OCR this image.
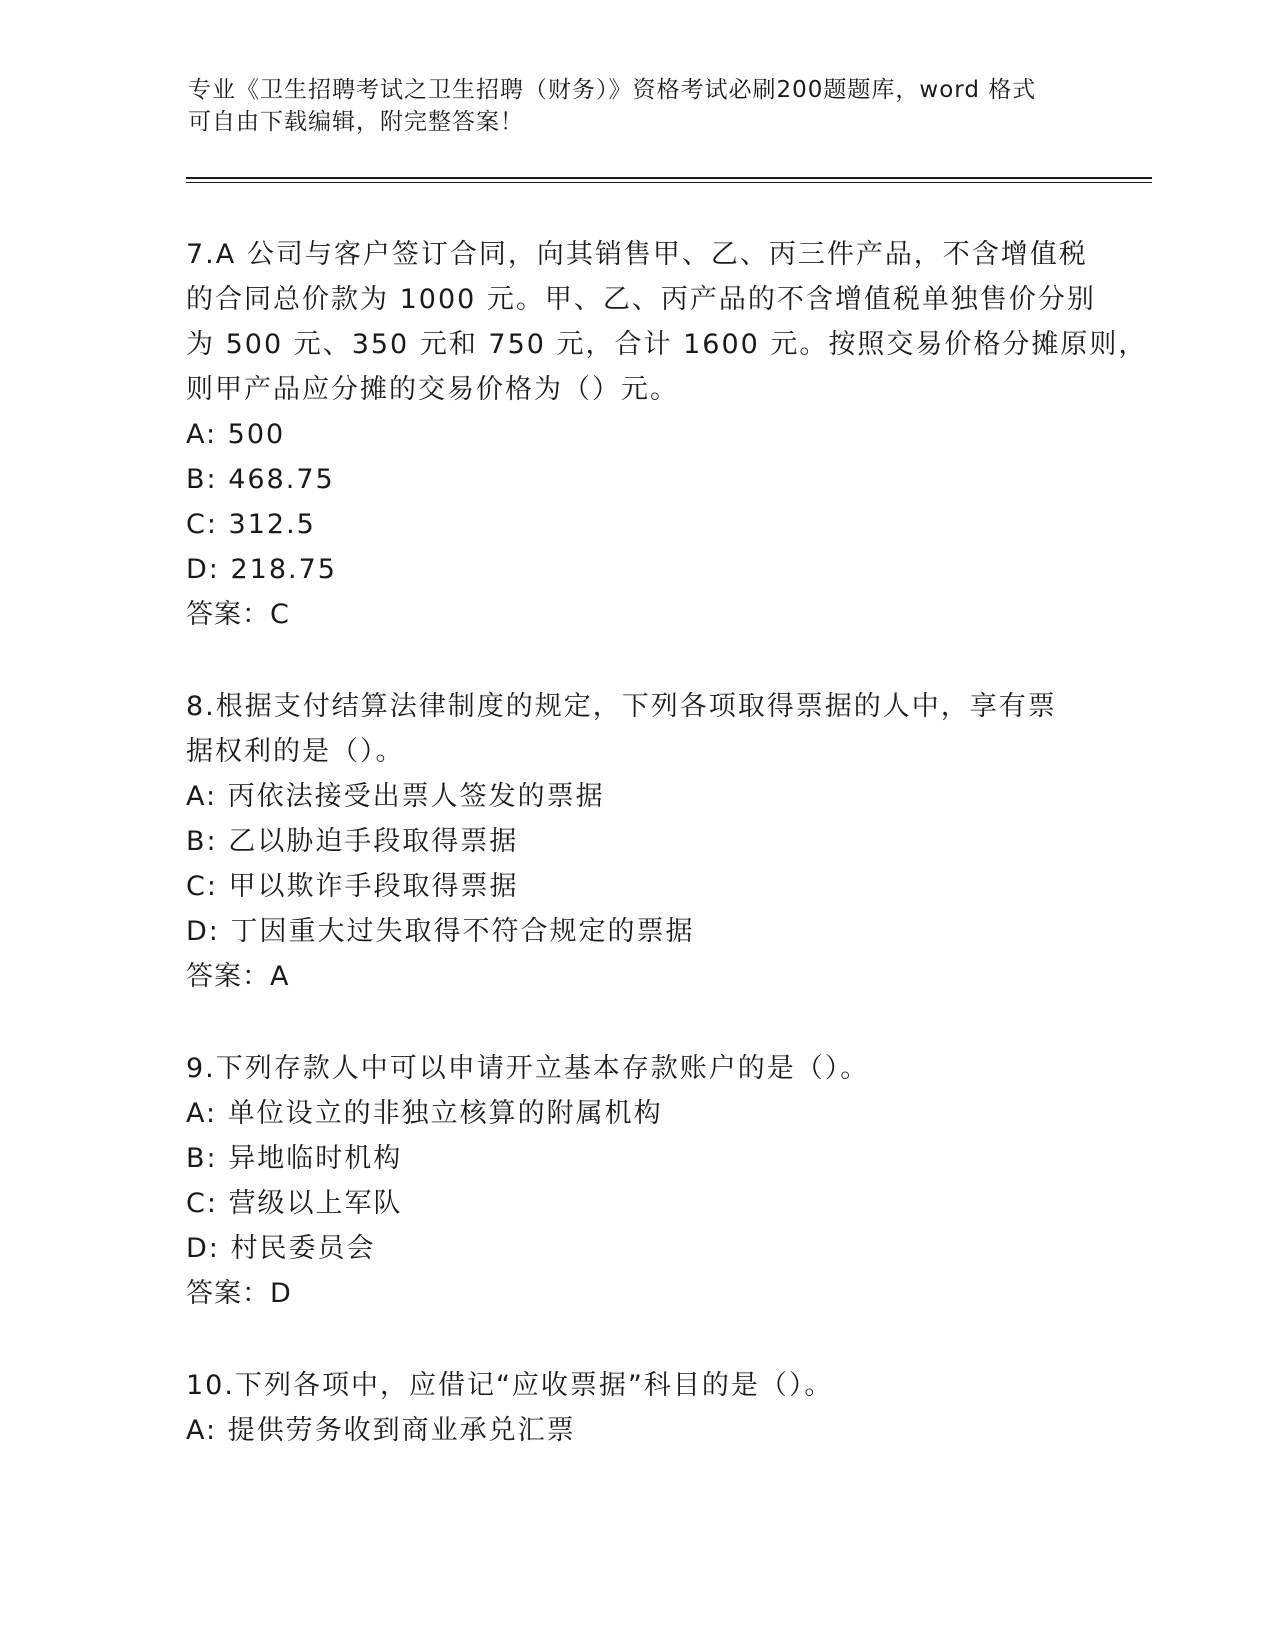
专业《卫生招聘考试之卫生招聘（财务）》资格考试必刷200题题库，word 格式

可自由下载编辑，附完整答案！

7.A 公司与客户签订合同，向其销售甲、乙、丙三件产品，不含增值税

的合同总价款为 1000 元。甲、乙、丙产品的不含增值税单独售价分别

为 500 元、350 元和 750 元，合计 1600 元。按照交易价格分摊原则，

则甲产品应分摊的交易价格为（）元。

A: 500

B: 468.75

C: 312.5

D: 218.75

答案：C

8.根据支付结算法律制度的规定，下列各项取得票据的人中，享有票

据权利的是（）。

A: 丙依法接受出票人签发的票据

B: 乙以胁迫手段取得票据

C: 甲以欺诈手段取得票据

D: 丁因重大过失取得不符合规定的票据

答案：A

9.下列存款人中可以申请开立基本存款账户的是（）。

A: 单位设立的非独立核算的附属机构

B: 异地临时机构

C: 营级以上军队

D: 村民委员会

答案：D

10.下列各项中，应借记“应收票据”科目的是（）。

A: 提供劳务收到商业承兑汇票
